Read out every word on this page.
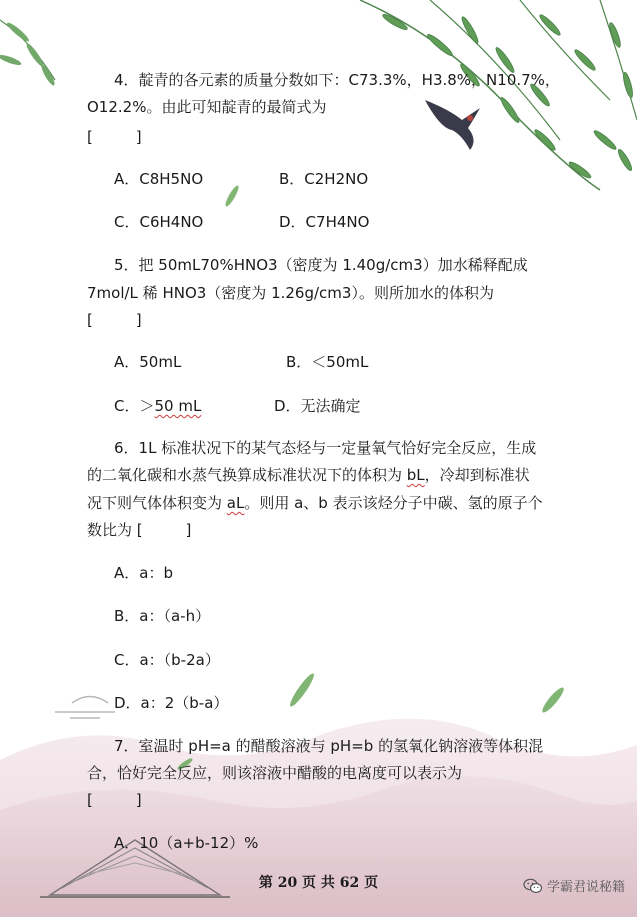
4．靛青的各元素的质量分数如下：C73.3%，H3.8%，N10.7%，
O12.2%。由此可知靛青的最简式为
[         ]
A．C8H5NO	B．C2H2NO
C．C6H4NO	D．C7H4NO
5．把 50mL70%HNO3（密度为 1.40g/cm3）加水稀释配成
7mol/L 稀 HNO3（密度为 1.26g/cm3）。则所加水的体积为
[         ]
A．50mL	B．＜50mL
C．＞50 mL	D．无法确定
6．1L 标准状况下的某气态烃与一定量氧气恰好完全反应，生成
的二氧化碳和水蒸气换算成标准状况下的体积为 bL，冷却到标准状
况下则气体体积变为 aL。则用 a、b 表示该烃分子中碳、氢的原子个
数比为 [         ]
A．a：b
B．a：（a-h）
C．a：（b-2a）
D．a：2（b-a）
7．室温时 pH=a 的醋酸溶液与 pH=b 的氢氧化钠溶液等体积混
合，恰好完全反应，则该溶液中醋酸的电离度可以表示为
[         ]
A．10（a+b-12）%
第 20 页 共 62 页	学霸君说秘籍
